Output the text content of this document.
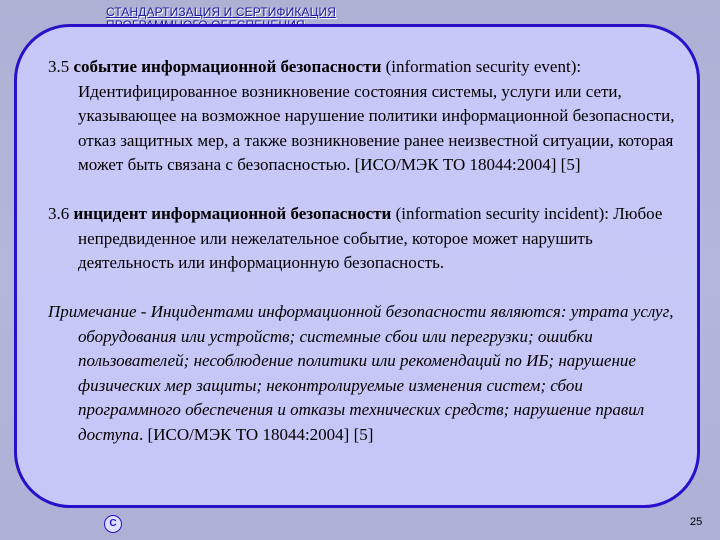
СТАНДАРТИЗАЦИЯ И СЕРТИФИКАЦИЯ

3.5 событие информационной безопасности (information security event): Идентифицированное возникновение состояния системы, услуги или сети, указывающее на возможное нарушение политики информационной безопасности, отказ защитных мер, а также возникновение ранее неизвестной ситуации, которая может быть связана с безопасностью. [ИСО/МЭК ТО 18044:2004] [5]

3.6 инцидент информационной безопасности (information security incident): Любое непредвиденное или нежелательное событие, которое может нарушить деятельность или информационную безопасность.

Примечание - Инцидентами информационной безопасности являются: утрата услуг, оборудования или устройств; системные сбои или перегрузки; ошибки пользователей; несоблюдение политики или рекомендаций по ИБ; нарушение физических мер защиты; неконтролируемые изменения систем; сбои программного обеспечения и отказы технических средств; нарушение правил доступа. [ИСО/МЭК ТО 18044:2004] [5]

C	25
